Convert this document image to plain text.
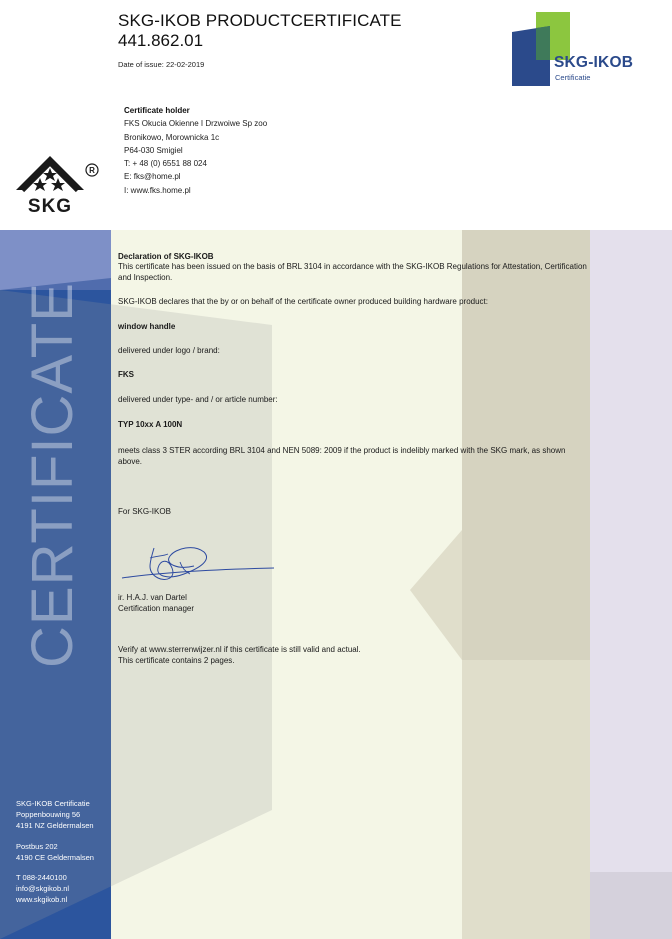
CERTIFICATE
SKG-IKOB PRODUCTCERTIFICATE
441.862.01
Date of issue: 22-02-2019	SKG-IKOB
Certificatie
Certificate holder
FKS Okucia Okienne I Drzwoiwe Sp zoo
Bronikowo, Morownicka 1c
P64-030 Smigiel
T: + 48 (0) 6551 88 024
E: fks@home.pl
I: www.fks.home.pl
R
SKG
Declaration of SKG-IKOB
This certificate has been issued on the basis of BRL 3104 in accordance with the SKG-IKOB Regulations for Attestation, Certification and Inspection.
SKG-IKOB declares that the by or on behalf of the certificate owner produced building hardware product:
window handle
delivered under logo / brand:
FKS
delivered under type- and / or article number:
TYP 10xx A 100N
meets class 3 STER according BRL 3104 and NEN 5089: 2009 if the product is indelibly marked with the SKG mark, as shown above.
For SKG-IKOB
ir. H.A.J. van Dartel
Certification manager
Verify at www.sterrenwijzer.nl if this certificate is still valid and actual.
This certificate contains 2 pages.
SKG-IKOB Certificatie
Poppenbouwing 56
4191 NZ Geldermalsen
Postbus 202
4190 CE Geldermalsen
T 088-2440100
info@skgikob.nl
www.skgikob.nl
